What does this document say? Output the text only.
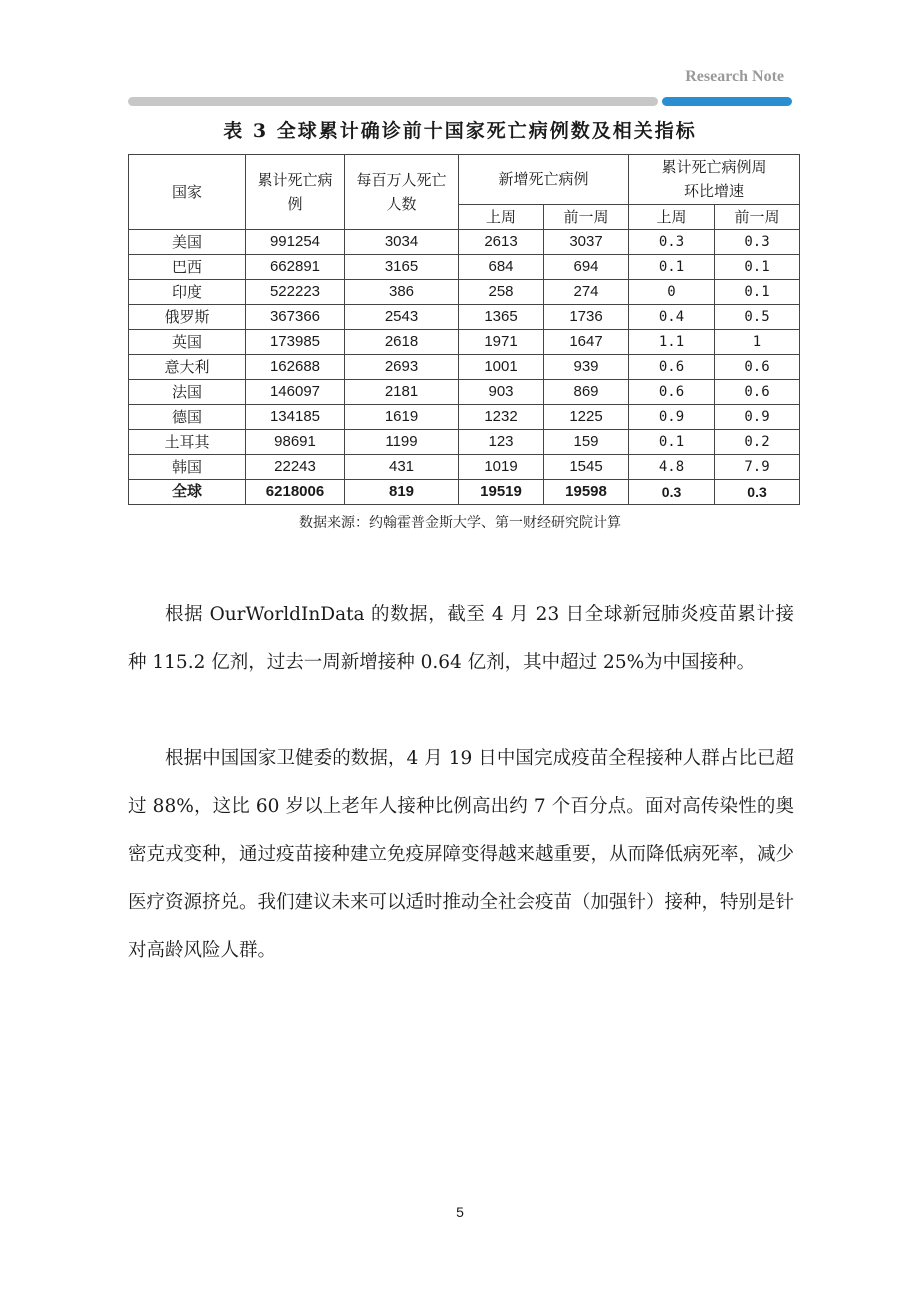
Research Note
表 3 全球累计确诊前十国家死亡病例数及相关指标
国家	累计死亡病例	每百万人死亡人数	新增死亡病例		累计死亡病例周环比增速	

			上周	前一周	上周	前一周
美国	991254	3034	2613	3037	0.3	0.3
巴西	662891	3165	684	694	0.1	0.1
印度	522223	386	258	274	0	0.1
俄罗斯	367366	2543	1365	1736	0.4	0.5
英国	173985	2618	1971	1647	1.1	1
意大利	162688	2693	1001	939	0.6	0.6
法国	146097	2181	903	869	0.6	0.6
德国	134185	1619	1232	1225	0.9	0.9
土耳其	98691	1199	123	159	0.1	0.2
韩国	22243	431	1019	1545	4.8	7.9
全球	6218006	819	19519	19598	0.3	0.3
数据来源：约翰霍普金斯大学、第一财经研究院计算

根据 OurWorldInData 的数据，截至 4 月 23 日全球新冠肺炎疫苗累计接种 115.2 亿剂，过去一周新增接种 0.64 亿剂，其中超过 25%为中国接种。

根据中国国家卫健委的数据，4 月 19 日中国完成疫苗全程接种人群占比已超过 88%，这比 60 岁以上老年人接种比例高出约 7 个百分点。面对高传染性的奥密克戎变种，通过疫苗接种建立免疫屏障变得越来越重要，从而降低病死率，减少医疗资源挤兑。我们建议未来可以适时推动全社会疫苗（加强针）接种，特别是针对高龄风险人群。

5
